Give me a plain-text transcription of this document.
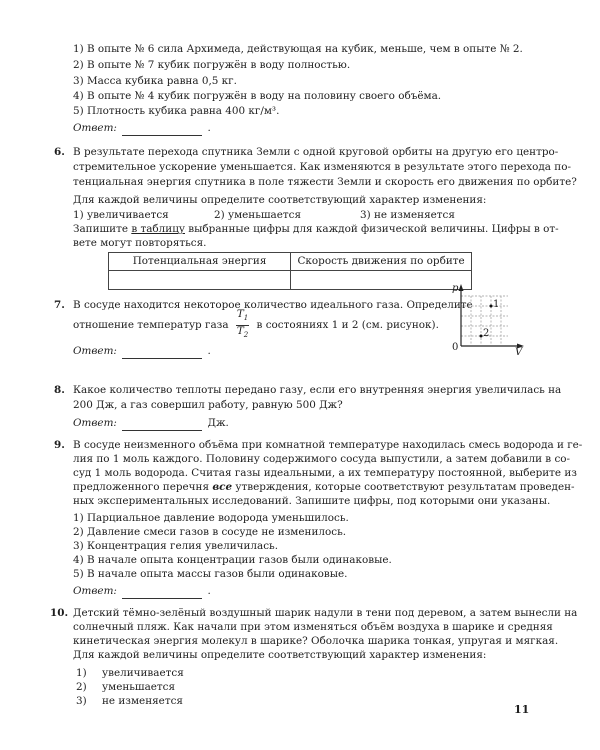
1) В опыте № 6 сила Архимеда, действующая на кубик, меньше, чем в опыте № 2.
2) В опыте № 7 кубик погружён в воду полностью.
3) Масса кубика равна 0,5 кг.
4) В опыте № 4 кубик погружён в воду на половину своего объёма.
5) Плотность кубика равна 400 кг/м³.
Ответ:	.
6. В результате перехода спутника Земли с одной круговой орбиты на другую его центро-
стремительное ускорение уменьшается. Как изменяются в результате этого перехода по-
тенциальная энергия спутника в поле тяжести Земли и скорость его движения по орбите?
Для каждой величины определите соответствующий характер изменения:
1) увеличивается	2) уменьшается	3) не изменяется
Запишите в таблицу выбранные цифры для каждой физической величины. Цифры в от-
вете могут повторяться.
Потенциальная энергия	Скорость движения по орбите

7. В сосуде находится некоторое количество идеального газа. Определите
отношение температур газа $\frac{T_1}{T_2}$ в состояниях 1 и 2 (см. рисунок).
Ответ:	.
p
V
0
1
2
8. Какое количество теплоты передано газу, если его внутренняя энергия увеличилась на
200 Дж, а газ совершил работу, равную 500 Дж?
Ответ:	Дж.
9. В сосуде неизменного объёма при комнатной температуре находилась смесь водорода и ге-
лия по 1 моль каждого. Половину содержимого сосуда выпустили, а затем добавили в со-
суд 1 моль водорода. Считая газы идеальными, а их температуру постоянной, выберите из
предложенного перечня все утверждения, которые соответствуют результатам проведен-
ных экспериментальных исследований. Запишите цифры, под которыми они указаны.
1) Парциальное давление водорода уменьшилось.
2) Давление смеси газов в сосуде не изменилось.
3) Концентрация гелия увеличилась.
4) В начале опыта концентрации газов были одинаковые.
5) В начале опыта массы газов были одинаковые.
Ответ:	.
10. Детский тёмно-зелёный воздушный шарик надули в тени под деревом, а затем вынесли на
солнечный пляж. Как начали при этом изменяться объём воздуха в шарике и средняя
кинетическая энергия молекул в шарике? Оболочка шарика тонкая, упругая и мягкая.
Для каждой величины определите соответствующий характер изменения:
1) увеличивается
2) уменьшается
3) не изменяется
11
